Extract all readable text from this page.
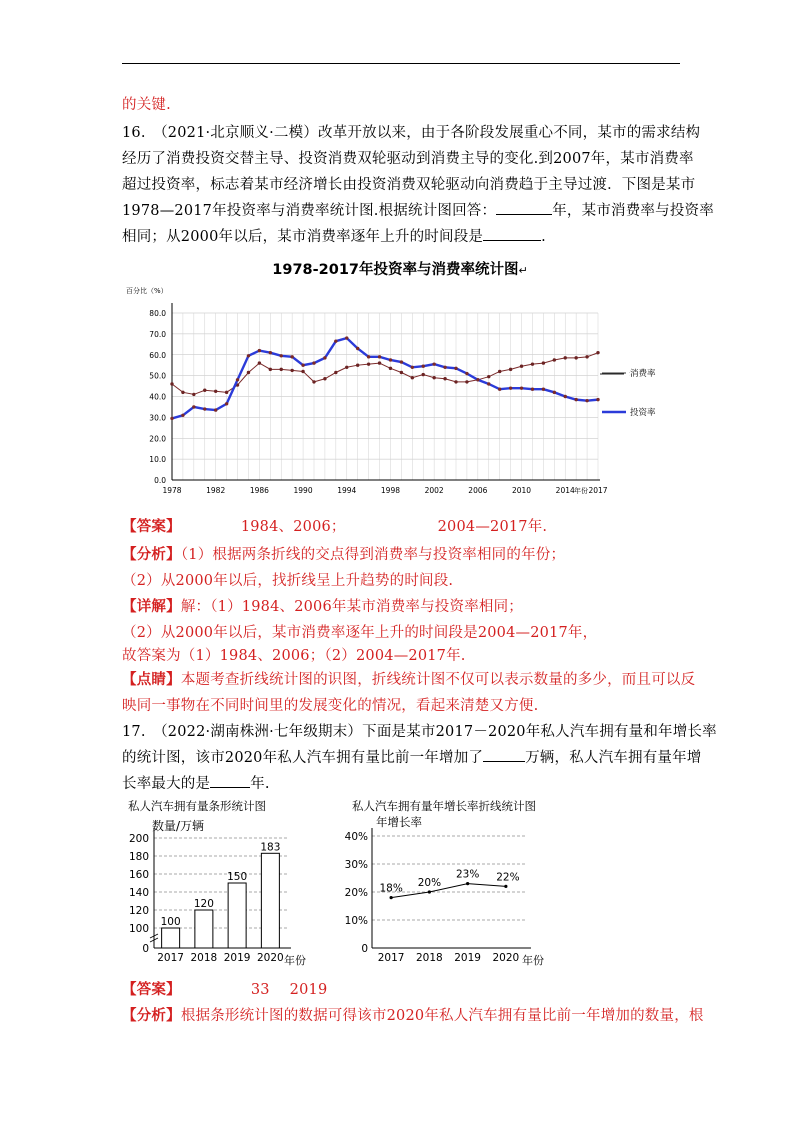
的关键.
16.　（2021·北京顺义·二模）改革开放以来，由于各阶段发展重心不同，某市的需求结构
经历了消费投资交替主导、投资消费双轮驱动到消费主导的变化.到2007年，某市消费率
超过投资率，标志着某市经济增长由投资消费双轮驱动向消费趋于主导过渡．下图是某市
1978—2017年投资率与消费率统计图.根据统计图回答：	年，某市消费率与投资率
相同；从2000年以后，某市消费率逐年上升的时间段是	.
1978-2017年投资率与消费率统计图↵
百分比（%）
0.0
10.0
20.0
30.0
40.0
50.0
60.0
70.0
80.0
1978	1982	1986	1990	1994	1998	2002	2006	2010	2014 2017
年份
消费率
投资率
【答案】	1984、2006；	2004—2017年.
【分析】（1）根据两条折线的交点得到消费率与投资率相同的年份；
（2）从2000年以后，找折线呈上升趋势的时间段.
【详解】解：（1）1984、2006年某市消费率与投资率相同；
（2）从2000年以后，某市消费率逐年上升的时间段是2004—2017年，
故答案为（1）1984、2006；（2）2004—2017年.
【点睛】本题考查折线统计图的识图，折线统计图不仅可以表示数量的多少，而且可以反
映同一事物在不同时间里的发展变化的情况，看起来清楚又方便.
17.　（2022·湖南株洲·七年级期末）下面是某市2017－2020年私人汽车拥有量和年增长率
的统计图，该市2020年私人汽车拥有量比前一年增加了	万辆，私人汽车拥有量年增
长率最大的是	年.
私人汽车拥有量条形统计图
数量/万辆
0
100
120
140
160
180
200
100
2017
120
2018
150
2019
183
2020 年份
私人汽车拥有量年增长率折线统计图
年增长率
0
10%
20%
30%
40%
18%
2017
20%
2018
23%
2019
22%
2020 年份
【答案】	33 2019
【分析】根据条形统计图的数据可得该市2020年私人汽车拥有量比前一年增加的数量，根
